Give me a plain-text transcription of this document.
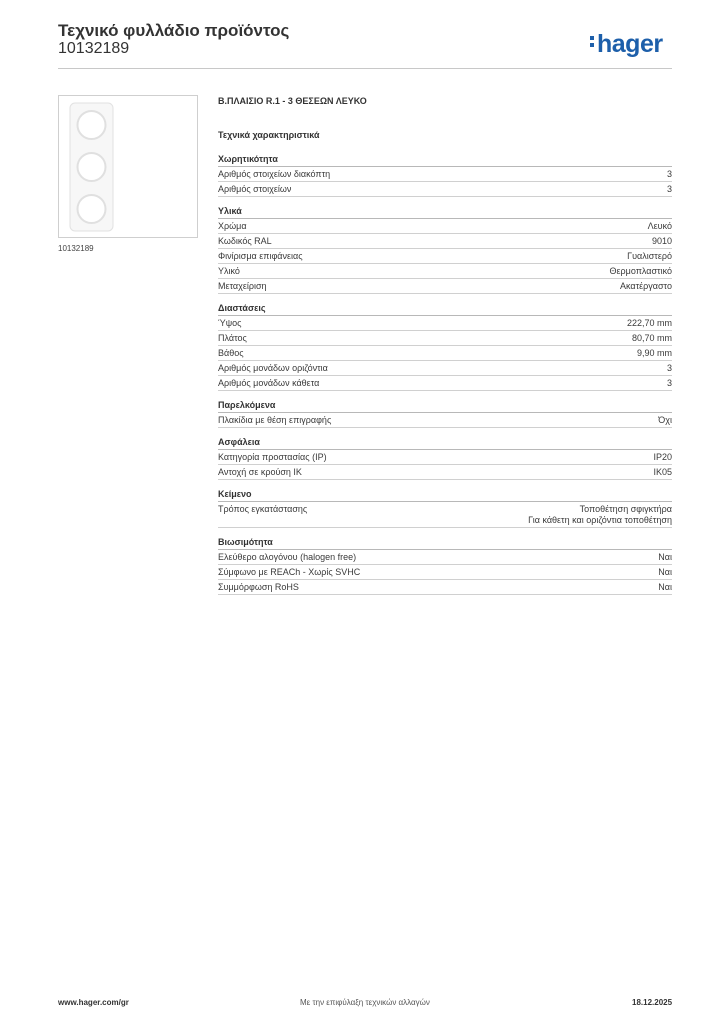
Τεχνικό φυλλάδιο προϊόντος
10132189	hager
10132189
Β.ΠΛΑΙΣΙΟ R.1 - 3 ΘΕΣΕΩΝ ΛΕΥΚΟ
Τεχνικά χαρακτηριστικά
Χωρητικότητα
Αριθμός στοιχείων διακόπτη	3
Αριθμός στοιχείων	3
Υλικά
Χρώμα	Λευκό
Κωδικός RAL	9010
Φινίρισμα επιφάνειας	Γυαλιστερό
Υλικό	Θερμοπλαστικό
Μεταχείριση	Ακατέργαστο
Διαστάσεις
Ύψος	222,70 mm
Πλάτος	80,70 mm
Βάθος	9,90 mm
Αριθμός μονάδων οριζόντια	3
Αριθμός μονάδων κάθετα	3
Παρελκόμενα
Πλακίδια με θέση επιγραφής	Όχι
Ασφάλεια
Κατηγορία προστασίας (IP)	IP20
Αντοχή σε κρούση IK	IK05
Κείμενο
Τρόπος εγκατάστασης	Τοποθέτηση σφιγκτήρα
Για κάθετη και οριζόντια τοποθέτηση
Βιωσιμότητα
Ελεύθερο αλογόνου (halogen free)	Ναι
Σύμφωνο με REACh - Χωρίς SVHC	Ναι
Συμμόρφωση RoHS	Ναι
www.hager.com/gr	Με την επιφύλαξη τεχνικών αλλαγών	18.12.2025
